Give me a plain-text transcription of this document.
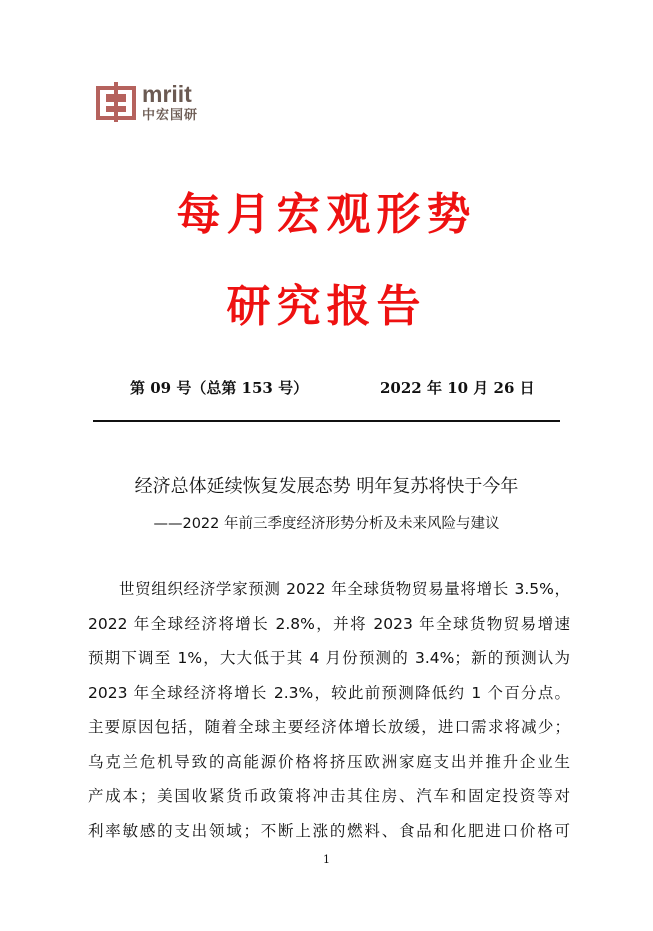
mriit
中宏国研
每月宏观形势
研究报告
第 09 号（总第 153 号）	2022 年 10 月 26 日
经济总体延续恢复发展态势 明年复苏将快于今年
——2022 年前三季度经济形势分析及未来风险与建议
世贸组织经济学家预测 2022 年全球货物贸易量将增长 3.5%，
2022 年全球经济将增长 2.8%，并将 2023 年全球货物贸易增速
预期下调至 1%，大大低于其 4 月份预测的 3.4%；新的预测认为
2023 年全球经济将增长 2.3%，较此前预测降低约 1 个百分点。
主要原因包括，随着全球主要经济体增长放缓，进口需求将减少；
乌克兰危机导致的高能源价格将挤压欧洲家庭支出并推升企业生
产成本；美国收紧货币政策将冲击其住房、汽车和固定投资等对
利率敏感的支出领域；不断上涨的燃料、食品和化肥进口价格可
1
